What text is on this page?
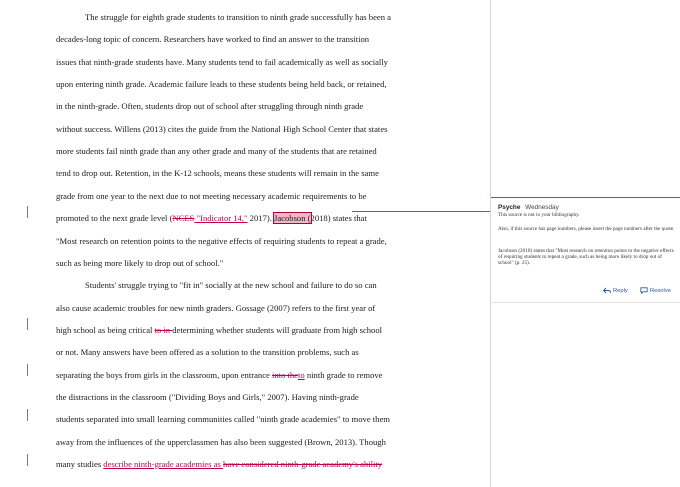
The struggle for eighth grade students to transition to ninth grade successfully has been a
decades-long topic of concern. Researchers have worked to find an answer to the transition
issues that ninth-grade students have. Many students tend to fail academically as well as socially
upon entering ninth grade. Academic failure leads to these students being held back, or retained,
in the ninth-grade. Often, students drop out of school after struggling through ninth grade
without success. Willens (2013) cites the guide from the National High School Center that states
more students fail ninth grade than any other grade and many of the students that are retained
tend to drop out. Retention, in the K-12 schools, means these students will remain in the same
grade from one year to the next due to not meeting necessary academic requirements to be
promoted to the next grade level (NCES "Indicator 14," 2017). Jacobson (2018) states that
"Most research on retention points to the negative effects of requiring students to repeat a grade,
such as being more likely to drop out of school."
Students' struggle trying to "fit in" socially at the new school and failure to do so can
also cause academic troubles for new ninth graders. Gossage (2007) refers to the first year of
high school as being critical to in determining whether students will graduate from high school
or not. Many answers have been offered as a solution to the transition problems, such as
separating the boys from girls in the classroom, upon entrance into theto ninth grade to remove
the distractions in the classroom ("Dividing Boys and Girls," 2007). Having ninth-grade
students separated into small learning communities called "ninth grade academies" to move them
away from the influences of the upperclassmen has also been suggested (Brown, 2013). Though
many studies describe ninth-grade academies as have considered ninth-grade academy's ability
Psyche Wednesday
This source is not in your bibliography.
Also, if this source has page numbers, please insert the page numbers after the quote.
Jacobson (2018) states that "Most research on retention points to the negative effects of requiring students to repeat a grade, such as being more likely to drop out of school" (p. 25).
Reply	Resolve
